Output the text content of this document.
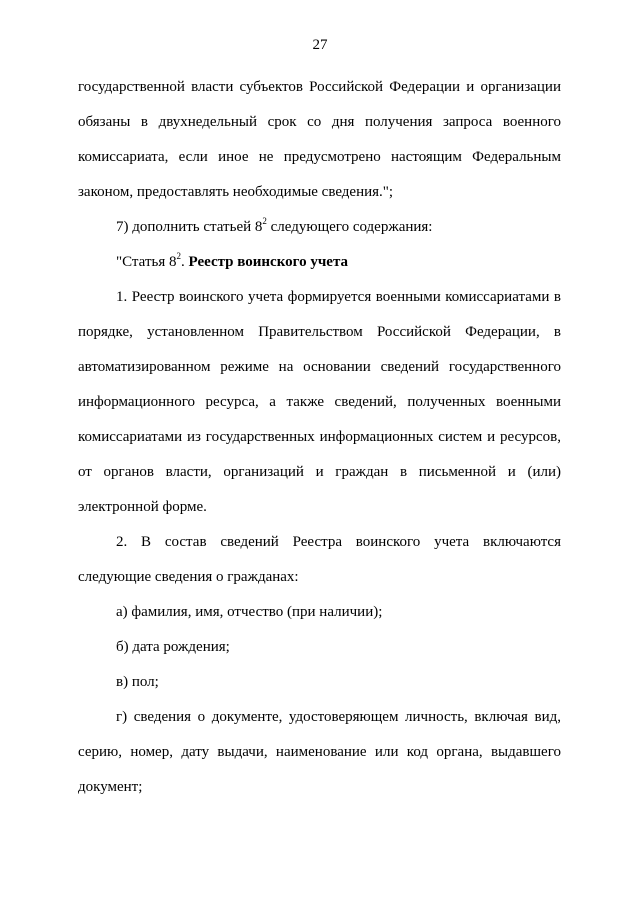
27

государственной власти субъектов Российской Федерации и организации обязаны в двухнедельный срок со дня получения запроса военного комиссариата, если иное не предусмотрено настоящим Федеральным законом, предоставлять необходимые сведения.";

7) дополнить статьей $8^2$ следующего содержания:

"Статья $8^2$. Реестр воинского учета

1. Реестр воинского учета формируется военными комиссариатами в порядке, установленном Правительством Российской Федерации, в автоматизированном режиме на основании сведений государственного информационного ресурса, а также сведений, полученных военными комиссариатами из государственных информационных систем и ресурсов, от органов власти, организаций и граждан в письменной и (или) электронной форме.

2. В состав сведений Реестра воинского учета включаются следующие сведения о гражданах:

а) фамилия, имя, отчество (при наличии);

б) дата рождения;

в) пол;

г) сведения о документе, удостоверяющем личность, включая вид, серию, номер, дату выдачи, наименование или код органа, выдавшего документ;
